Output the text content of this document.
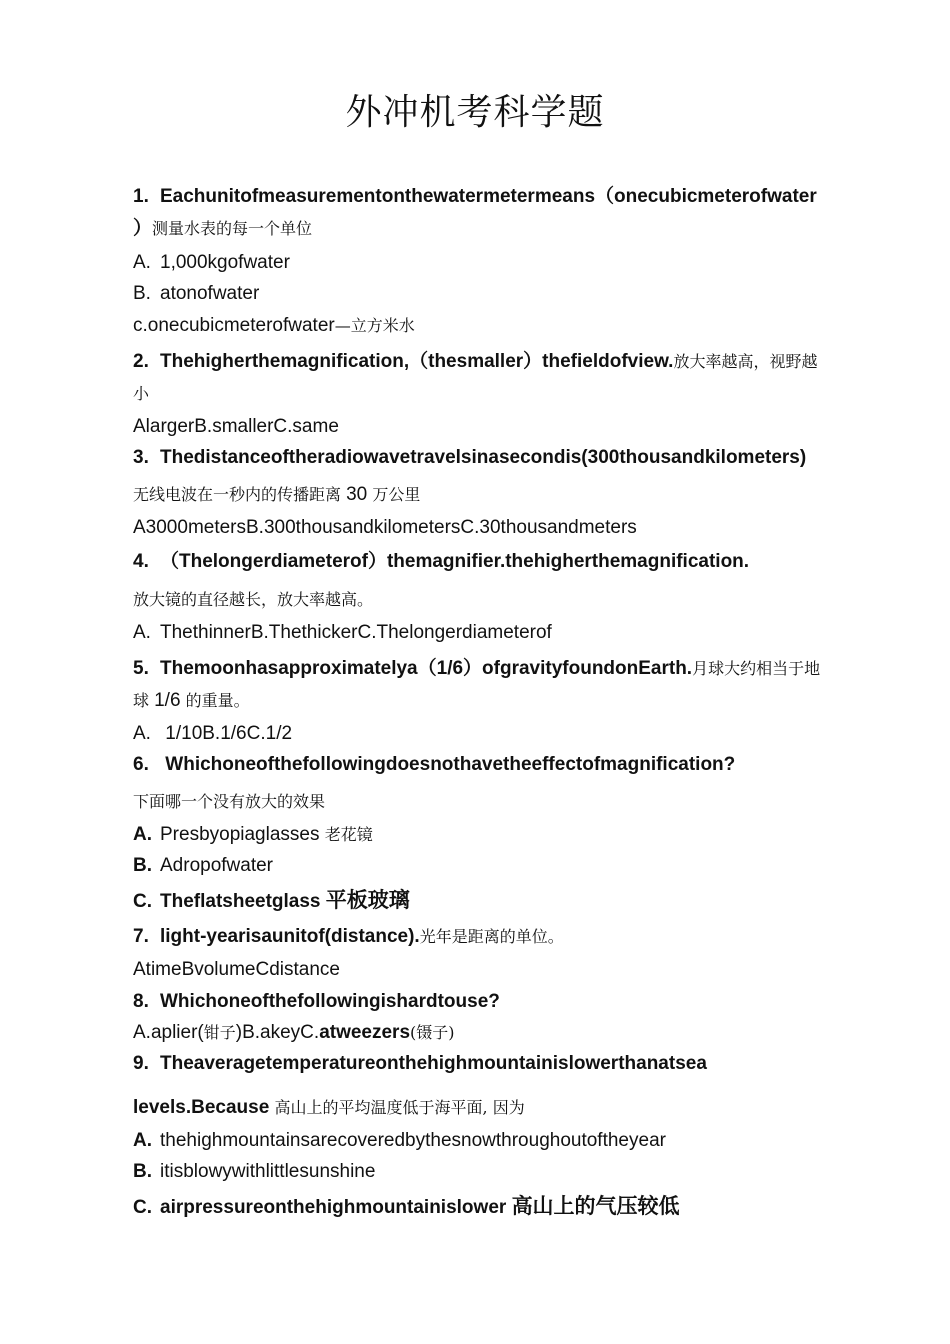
外冲机考科学题
1. Eachunitofmeasurementonthewatermetermeans（onecubicmeterofwater
）测量水表的每一个单位
A. 1,000kgofwater
B. atonofwater
c.onecubicmeterofwater—立方米水
2. Thehigherthemagnification,（thesmaller）thefieldofview.放大率越高，视野越
小
AlargerB.smallerC.same
3. Thedistanceoftheradiowavetravelsinasecondis(300thousandkilometers)
无线电波在一秒内的传播距离 30 万公里
A3000metersB.300thousandkilometersC.30thousandmeters
4. （Thelongerdiameterof）themagnifier.thehigherthemagnification.
放大镜的直径越长，放大率越高。
A. ThethinnerB.ThethickerC.Thelongerdiameterof
5. Themoonhasapproximatelya（1/6）ofgravityfoundonEarth.月球大约相当于地
球 1/6 的重量。
A. 1/10B.1/6C.1/2
6. Whichoneofthefollowingdoesnothavetheeffectofmagnification?
下面哪一个没有放大的效果
A. Presbyopiaglasses 老花镜
B. Adropofwater
C. Theflatsheetglass 平板玻璃
7. light-yearisaunitof(distance).光年是距离的单位。
AtimeBvolumeCdistance
8. Whichoneofthefollowingishardtouse?
A.aplier(钳子)B.akeyC.atweezers(镊子)
9. Theaveragetemperatureonthehighmountainislowerthanatsea
levels.Because 高山上的平均温度低于海平面, 因为
A. thehighmountainsarecoveredbythesnowthroughoutoftheyear
B. itisblowywithlittlesunshine
C. airpressureonthehighmountainislower 高山上的气压较低
